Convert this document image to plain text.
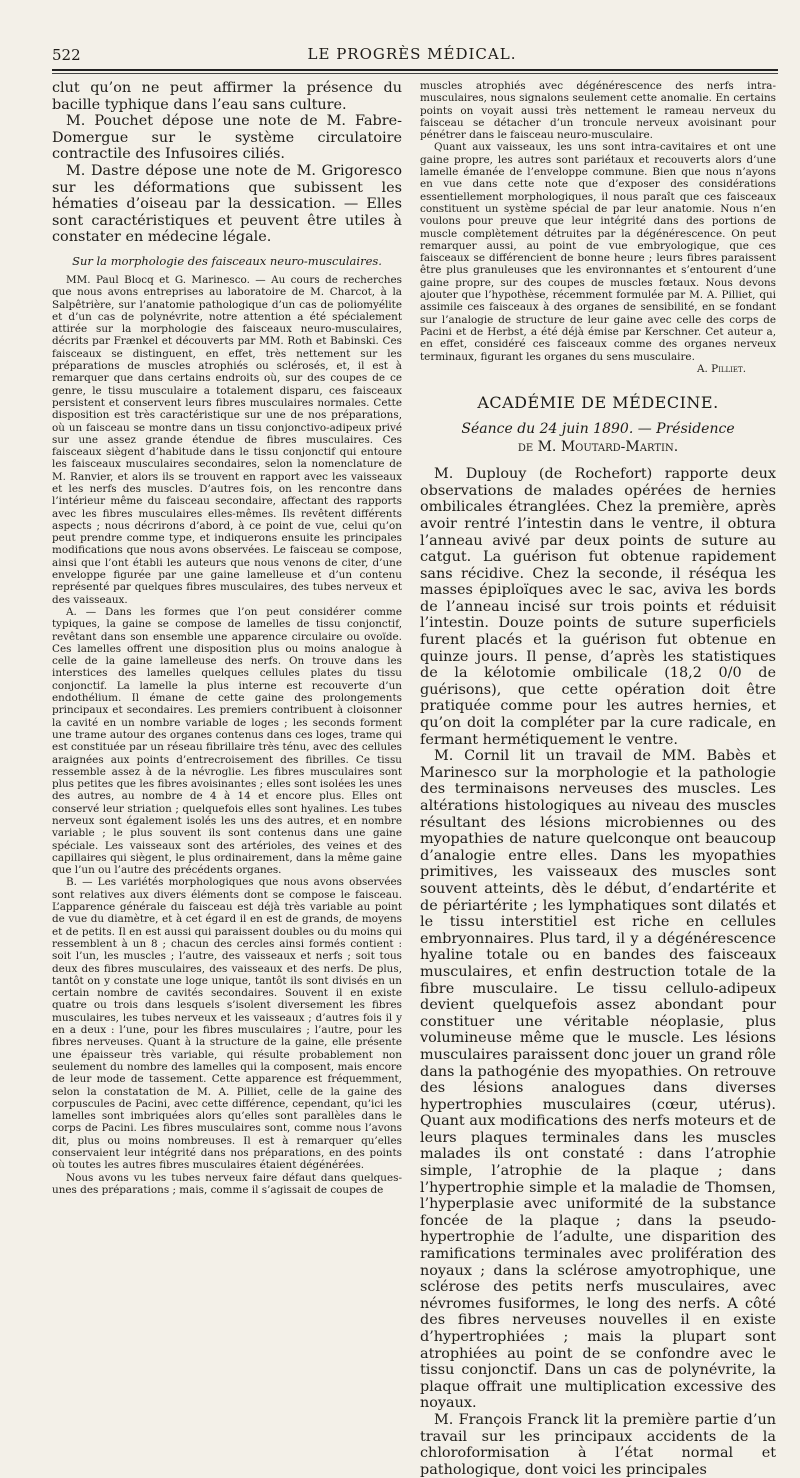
522	LE PROGRÈS MÉDICAL.

clut qu’on ne peut affirmer la présence du bacille typhique dans l’eau sans culture.

M. Pouchet dépose une note de M. Fabre-Domergue sur le système circulatoire contractile des Infusoires ciliés.

M. Dastre dépose une note de M. Grigoresco sur les déformations que subissent les hématies d’oiseau par la dessication. — Elles sont caractéristiques et peuvent être utiles à constater en médecine légale.

Sur la morphologie des faisceaux neuro-musculaires.

MM. Paul Blocq et G. Marinesco. — Au cours de recherches que nous avons entreprises au laboratoire de M. Charcot, à la Salpêtrière, sur l’anatomie pathologique d’un cas de poliomyélite et d’un cas de polynévrite, notre attention a été spécialement attirée sur la morphologie des faisceaux neuro-musculaires, décrits par Frænkel et découverts par MM. Roth et Babinski. Ces faisceaux se distinguent, en effet, très nettement sur les préparations de muscles atrophiés ou sclérosés, et, il est à remarquer que dans certains endroits où, sur des coupes de ce genre, le tissu musculaire a totalement disparu, ces faisceaux persistent et conservent leurs fibres musculaires normales. Cette disposition est très caractéristique sur une de nos préparations, où un faisceau se montre dans un tissu conjonctivo-adipeux privé sur une assez grande étendue de fibres musculaires. Ces faisceaux siègent d’habitude dans le tissu conjonctif qui entoure les faisceaux musculaires secondaires, selon la nomenclature de M. Ranvier, et alors ils se trouvent en rapport avec les vaisseaux et les nerfs des muscles. D’autres fois, on les rencontre dans l’intérieur même du faisceau secondaire, affectant des rapports avec les fibres musculaires elles-mêmes. Ils revêtent différents aspects ; nous décrirons d’abord, à ce point de vue, celui qu’on peut prendre comme type, et indiquerons ensuite les principales modifications que nous avons observées. Le faisceau se compose, ainsi que l’ont établi les auteurs que nous venons de citer, d’une enveloppe figurée par une gaine lamelleuse et d’un contenu représenté par quelques fibres musculaires, des tubes nerveux et des vaisseaux.

A. — Dans les formes que l’on peut considérer comme typiques, la gaine se compose de lamelles de tissu conjonctif, revêtant dans son ensemble une apparence circulaire ou ovoïde. Ces lamelles offrent une disposition plus ou moins analogue à celle de la gaine lamelleuse des nerfs. On trouve dans les interstices des lamelles quelques cellules plates du tissu conjonctif. La lamelle la plus interne est recouverte d’un endothélium. Il émane de cette gaine des prolongements principaux et secondaires. Les premiers contribuent à cloisonner la cavité en un nombre variable de loges ; les seconds forment une trame autour des organes contenus dans ces loges, trame qui est constituée par un réseau fibrillaire très ténu, avec des cellules araignées aux points d’entrecroisement des fibrilles. Ce tissu ressemble assez à de la névroglie. Les fibres musculaires sont plus petites que les fibres avoisinantes ; elles sont isolées les unes des autres, au nombre de 4 à 14 et encore plus. Elles ont conservé leur striation ; quelquefois elles sont hyalines. Les tubes nerveux sont également isolés les uns des autres, et en nombre variable ; le plus souvent ils sont contenus dans une gaine spéciale. Les vaisseaux sont des artérioles, des veines et des capillaires qui siègent, le plus ordinairement, dans la même gaine que l’un ou l’autre des précédents organes.

B. — Les variétés morphologiques que nous avons observées sont relatives aux divers éléments dont se compose le faisceau. L’apparence générale du faisceau est déjà très variable au point de vue du diamètre, et à cet égard il en est de grands, de moyens et de petits. Il en est aussi qui paraissent doubles ou du moins qui ressemblent à un 8 ; chacun des cercles ainsi formés contient : soit l’un, les muscles ; l’autre, des vaisseaux et nerfs ; soit tous deux des fibres musculaires, des vaisseaux et des nerfs. De plus, tantôt on y constate une loge unique, tantôt ils sont divisés en un certain nombre de cavités secondaires. Souvent il en existe quatre ou trois dans lesquels s’isolent diversement les fibres musculaires, les tubes nerveux et les vaisseaux ; d’autres fois il y en a deux : l’une, pour les fibres musculaires ; l’autre, pour les fibres nerveuses. Quant à la structure de la gaine, elle présente une épaisseur très variable, qui résulte probablement non seulement du nombre des lamelles qui la composent, mais encore de leur mode de tassement. Cette apparence est fréquemment, selon la constatation de M. A. Pilliet, celle de la gaine des corpuscules de Pacini, avec cette différence, cependant, qu’ici les lamelles sont imbriquées alors qu’elles sont parallèles dans le corps de Pacini. Les fibres musculaires sont, comme nous l’avons dit, plus ou moins nombreuses. Il est à remarquer qu’elles conservaient leur intégrité dans nos préparations, en des points où toutes les autres fibres musculaires étaient dégénérées.

Nous avons vu les tubes nerveux faire défaut dans quelques-unes des préparations ; mais, comme il s’agissait de coupes de

muscles atrophiés avec dégénérescence des nerfs intra-musculaires, nous signalons seulement cette anomalie. En certains points on voyait aussi très nettement le rameau nerveux du faisceau se détacher d’un troncule nerveux avoisinant pour pénétrer dans le faisceau neuro-musculaire.

Quant aux vaisseaux, les uns sont intra-cavitaires et ont une gaine propre, les autres sont pariétaux et recouverts alors d’une lamelle émanée de l’enveloppe commune. Bien que nous n’ayons en vue dans cette note que d’exposer des considérations essentiellement morphologiques, il nous paraît que ces faisceaux constituent un système spécial de par leur anatomie. Nous n’en voulons pour preuve que leur intégrité dans des portions de muscle complètement détruites par la dégénérescence. On peut remarquer aussi, au point de vue embryologique, que ces faisceaux se différencient de bonne heure ; leurs fibres paraissent être plus granuleuses que les environnantes et s’entourent d’une gaine propre, sur des coupes de muscles fœtaux. Nous devons ajouter que l’hypothèse, récemment formulée par M. A. Pilliet, qui assimile ces faisceaux à des organes de sensibilité, en se fondant sur l’analogie de structure de leur gaine avec celle des corps de Pacini et de Herbst, a été déjà émise par Kerschner. Cet auteur a, en effet, considéré ces faisceaux comme des organes nerveux terminaux, figurant les organes du sens musculaire.

A. Pilliet.

ACADÉMIE DE MÉDECINE.
Séance du 24 juin 1890. — Présidence
de M. Moutard-Martin.

M. Duplouy (de Rochefort) rapporte deux observations de malades opérées de hernies ombilicales étranglées. Chez la première, après avoir rentré l’intestin dans le ventre, il obtura l’anneau avivé par deux points de suture au catgut. La guérison fut obtenue rapidement sans récidive. Chez la seconde, il réséqua les masses épiploïques avec le sac, aviva les bords de l’anneau incisé sur trois points et réduisit l’intestin. Douze points de suture superficiels furent placés et la guérison fut obtenue en quinze jours. Il pense, d’après les statistiques de la kélotomie ombilicale (18,2 0/0 de guérisons), que cette opération doit être pratiquée comme pour les autres hernies, et qu’on doit la compléter par la cure radicale, en fermant hermétiquement le ventre.

M. Cornil lit un travail de MM. Babès et Marinesco sur la morphologie et la pathologie des terminaisons nerveuses des muscles. Les altérations histologiques au niveau des muscles résultant des lésions microbiennes ou des myopathies de nature quelconque ont beaucoup d’analogie entre elles. Dans les myopathies primitives, les vaisseaux des muscles sont souvent atteints, dès le début, d’endartérite et de périartérite ; les lymphatiques sont dilatés et le tissu interstitiel est riche en cellules embryonnaires. Plus tard, il y a dégénérescence hyaline totale ou en bandes des faisceaux musculaires, et enfin destruction totale de la fibre musculaire. Le tissu cellulo-adipeux devient quelquefois assez abondant pour constituer une véritable néoplasie, plus volumineuse même que le muscle. Les lésions musculaires paraissent donc jouer un grand rôle dans la pathogénie des myopathies. On retrouve des lésions analogues dans diverses hypertrophies musculaires (cœur, utérus). Quant aux modifications des nerfs moteurs et de leurs plaques terminales dans les muscles malades ils ont constaté : dans l’atrophie simple, l’atrophie de la plaque ; dans l’hypertrophie simple et la maladie de Thomsen, l’hyperplasie avec uniformité de la substance foncée de la plaque ; dans la pseudo-hypertrophie de l’adulte, une disparition des ramifications terminales avec prolifération des noyaux ; dans la sclérose amyotrophique, une sclérose des petits nerfs musculaires, avec névromes fusiformes, le long des nerfs. A côté des fibres nerveuses nouvelles il en existe d’hypertrophiées ; mais la plupart sont atrophiées au point de se confondre avec le tissu conjonctif. Dans un cas de polynévrite, la plaque offrait une multiplication excessive des noyaux.

M. François Franck lit la première partie d’un travail sur les principaux accidents de la chloroformisation à l’état normal et pathologique, dont voici les principales
